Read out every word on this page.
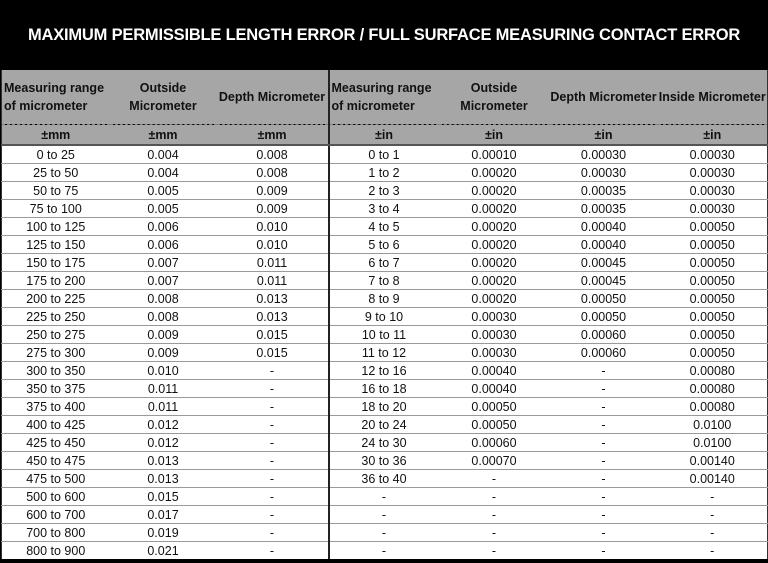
MAXIMUM PERMISSIBLE LENGTH ERROR / FULL SURFACE MEASURING CONTACT ERROR
Measuring range of micrometer	Outside Micrometer	Depth Micrometer	Measuring range of micrometer	Outside Micrometer	Depth Micrometer	Inside Micrometer
±mm	±mm	±mm	±in	±in	±in	±in
0 to 25	0.004	0.008	0 to 1	0.00010	0.00030	0.00030
25 to 50	0.004	0.008	1 to 2	0.00020	0.00030	0.00030
50 to 75	0.005	0.009	2 to 3	0.00020	0.00035	0.00030
75 to 100	0.005	0.009	3 to 4	0.00020	0.00035	0.00030
100 to 125	0.006	0.010	4 to 5	0.00020	0.00040	0.00050
125 to 150	0.006	0.010	5 to 6	0.00020	0.00040	0.00050
150 to 175	0.007	0.011	6 to 7	0.00020	0.00045	0.00050
175 to 200	0.007	0.011	7 to 8	0.00020	0.00045	0.00050
200 to 225	0.008	0.013	8 to 9	0.00020	0.00050	0.00050
225 to 250	0.008	0.013	9 to 10	0.00030	0.00050	0.00050
250 to 275	0.009	0.015	10 to 11	0.00030	0.00060	0.00050
275 to 300	0.009	0.015	11 to 12	0.00030	0.00060	0.00050
300 to 350	0.010	-	12 to 16	0.00040	-	0.00080
350 to 375	0.011	-	16 to 18	0.00040	-	0.00080
375 to 400	0.011	-	18 to 20	0.00050	-	0.00080
400 to 425	0.012	-	20 to 24	0.00050	-	0.0100
425 to 450	0.012	-	24 to 30	0.00060	-	0.0100
450 to 475	0.013	-	30 to 36	0.00070	-	0.00140
475 to 500	0.013	-	36 to 40	-	-	0.00140
500 to 600	0.015	-	-	-	-	-
600 to 700	0.017	-	-	-	-	-
700 to 800	0.019	-	-	-	-	-
800 to 900	0.021	-	-	-	-	-
